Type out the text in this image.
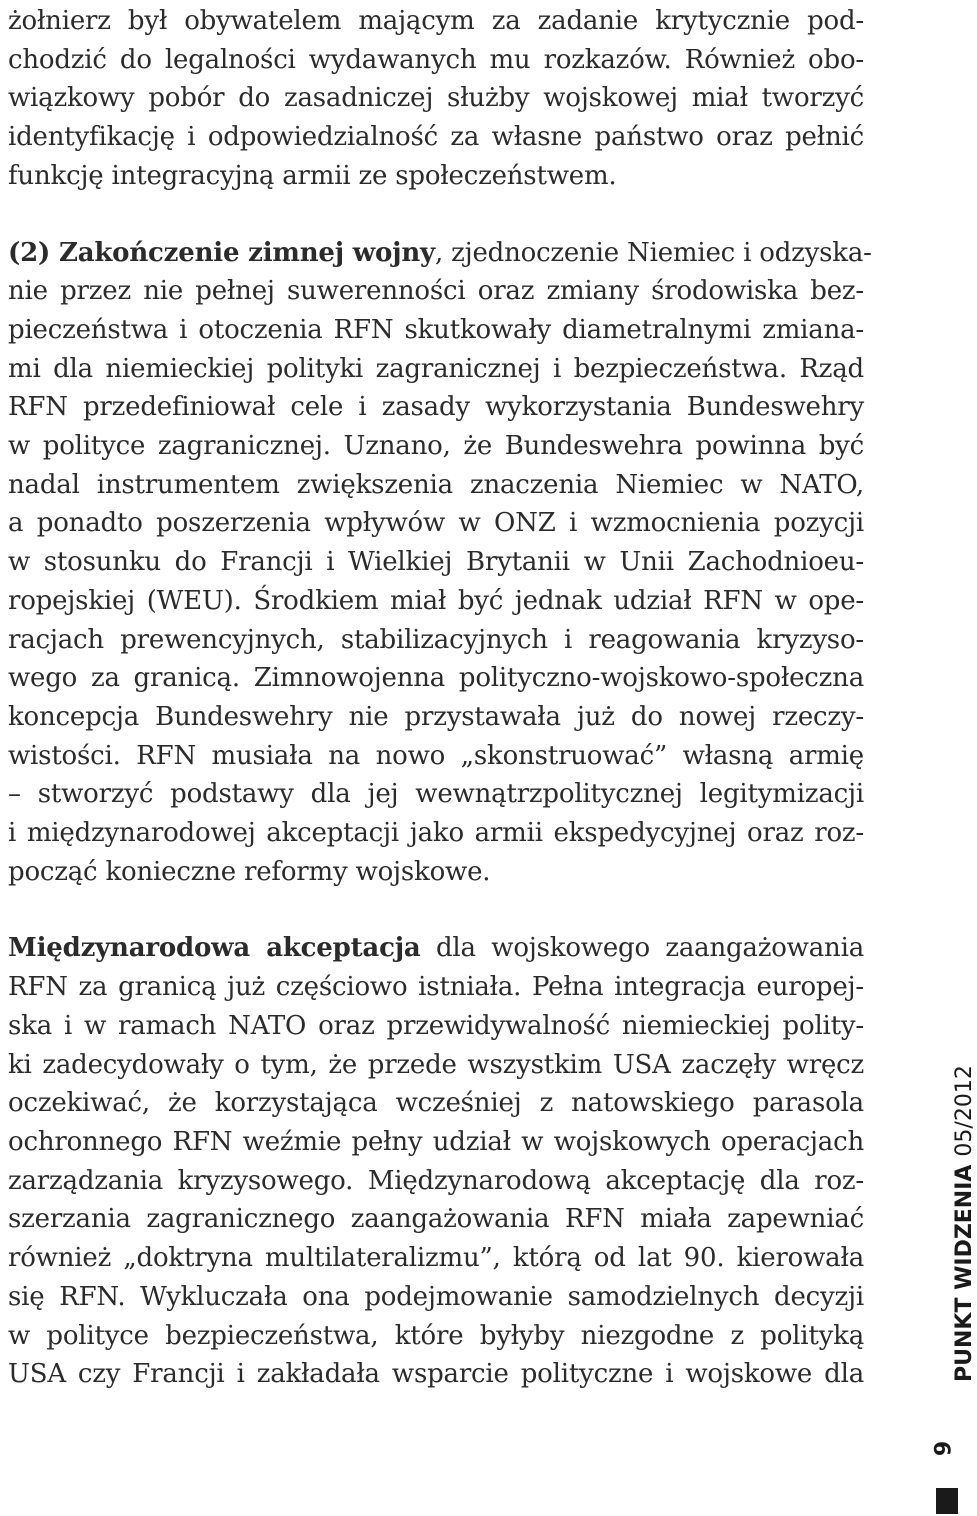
żołnierz był obywatelem mającym za zadanie krytycznie pod-
chodzić do legalności wydawanych mu rozkazów. Również obo-
wiązkowy pobór do zasadniczej służby wojskowej miał tworzyć
identyfikację i odpowiedzialność za własne państwo oraz pełnić
funkcję integracyjną armii ze społeczeństwem.

(2) Zakończenie zimnej wojny, zjednoczenie Niemiec i odzyska-
nie przez nie pełnej suwerenności oraz zmiany środowiska bez-
pieczeństwa i otoczenia RFN skutkowały diametralnymi zmiana-
mi dla niemieckiej polityki zagranicznej i bezpieczeństwa. Rząd
RFN przedefiniował cele i zasady wykorzystania Bundeswehry
w polityce zagranicznej. Uznano, że Bundeswehra powinna być
nadal instrumentem zwiększenia znaczenia Niemiec w NATO,
a ponadto poszerzenia wpływów w ONZ i wzmocnienia pozycji
w stosunku do Francji i Wielkiej Brytanii w Unii Zachodnioeu-
ropejskiej (WEU). Środkiem miał być jednak udział RFN w ope-
racjach prewencyjnych, stabilizacyjnych i reagowania kryzyso-
wego za granicą. Zimnowojenna polityczno-wojskowo-społeczna
koncepcja Bundeswehry nie przystawała już do nowej rzeczy-
wistości. RFN musiała na nowo „skonstruować” własną armię
– stworzyć podstawy dla jej wewnątrzpolitycznej legitymizacji
i międzynarodowej akceptacji jako armii ekspedycyjnej oraz roz-
począć konieczne reformy wojskowe.

Międzynarodowa akceptacja dla wojskowego zaangażowania
RFN za granicą już częściowo istniała. Pełna integracja europej-
ska i w ramach NATO oraz przewidywalność niemieckiej polity-
ki zadecydowały o tym, że przede wszystkim USA zaczęły wręcz
oczekiwać, że korzystająca wcześniej z natowskiego parasola
ochronnego RFN weźmie pełny udział w wojskowych operacjach
zarządzania kryzysowego. Międzynarodową akceptację dla roz-
szerzania zagranicznego zaangażowania RFN miała zapewniać
również „doktryna multilateralizmu”, którą od lat 90. kierowała
się RFN. Wykluczała ona podejmowanie samodzielnych decyzji
w polityce bezpieczeństwa, które byłyby niezgodne z polityką
USA czy Francji i zakładała wsparcie polityczne i wojskowe dla	PUNKT WIDZENIA05/2012
9
